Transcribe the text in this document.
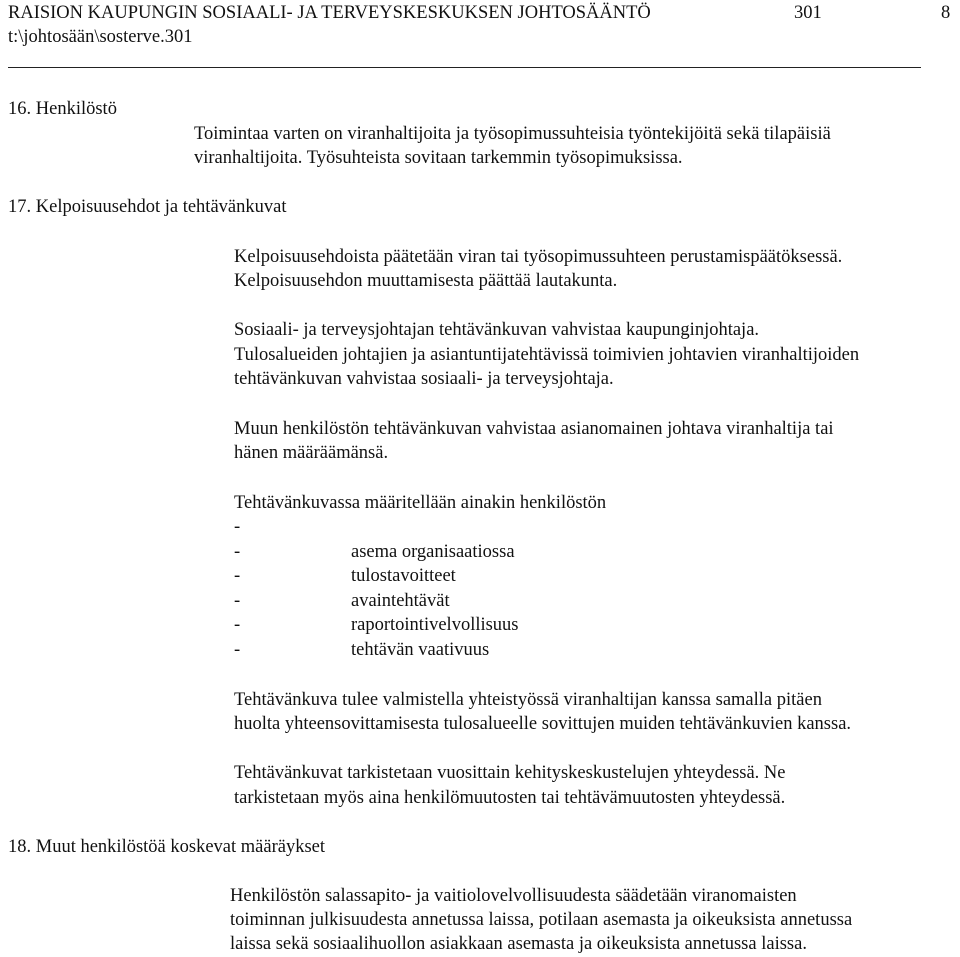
RAISION KAUPUNGIN SOSIAALI- JA TERVEYSKESKUKSEN JOHTOSÄÄNTÖ	301	8

t:\johtosään\sosterve.301

16. Henkilöstö

Toimintaa varten on viranhaltijoita ja työsopimussuhteisia työntekijöitä sekä tilapäisiä

viranhaltijoita. Työsuhteista sovitaan tarkemmin työsopimuksissa.

17. Kelpoisuusehdot ja tehtävänkuvat

Kelpoisuusehdoista päätetään viran tai työsopimussuhteen perustamispäätöksessä.

Kelpoisuusehdon muuttamisesta päättää lautakunta.

Sosiaali- ja terveysjohtajan tehtävänkuvan vahvistaa kaupunginjohtaja.

Tulosalueiden johtajien ja asiantuntijatehtävissä toimivien johtavien viranhaltijoiden

tehtävänkuvan vahvistaa sosiaali- ja terveysjohtaja.

Muun henkilöstön tehtävänkuvan vahvistaa asianomainen johtava viranhaltija tai

hänen määräämänsä.

Tehtävänkuvassa määritellään ainakin henkilöstön

-

-	asema organisaatiossa

-	tulostavoitteet

-	avaintehtävät

-	raportointivelvollisuus

-	tehtävän vaativuus

Tehtävänkuva tulee valmistella yhteistyössä viranhaltijan kanssa samalla pitäen

huolta yhteensovittamisesta tulosalueelle sovittujen muiden tehtävänkuvien kanssa.

Tehtävänkuvat tarkistetaan vuosittain kehityskeskustelujen yhteydessä. Ne

tarkistetaan myös aina henkilömuutosten tai tehtävämuutosten yhteydessä.

18. Muut henkilöstöä koskevat määräykset

Henkilöstön salassapito- ja vaitiolovelvollisuudesta säädetään viranomaisten

toiminnan julkisuudesta annetussa laissa, potilaan asemasta ja oikeuksista annetussa

laissa sekä sosiaalihuollon asiakkaan asemasta ja oikeuksista annetussa laissa.
